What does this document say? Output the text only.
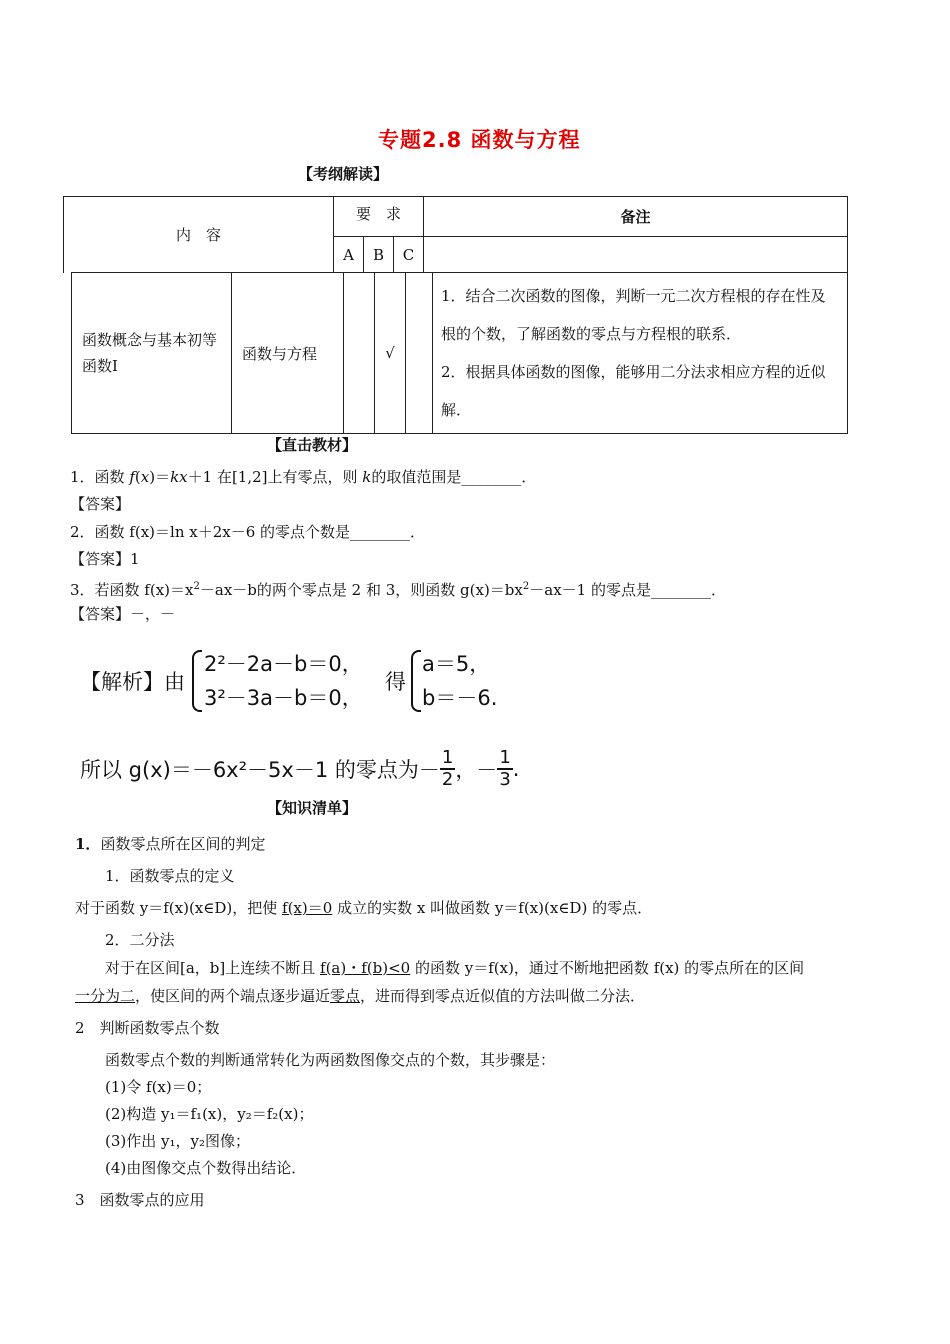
专题2.8 函数与方程
【考纲解读】
内　容	要　求			备注
	A	B	C	
函数概念与基本初等函数Ⅰ	函数与方程		√		1．结合二次函数的图像，判断一元二次方程根的存在性及根的个数，了解函数的零点与方程根的联系．
2．根据具体函数的图像，能够用二分法求相应方程的近似解．
【直击教材】
1．函数 f(x)＝kx＋1 在[1,2]上有零点，则 k的取值范围是________．
【答案】
2．函数 f(x)＝ln x＋2x－6 的零点个数是________．
【答案】1
3．若函数 $f(x)=x^2-ax-b$的两个零点是 2 和 3，则函数 $g(x)=bx^2-ax-1$ 的零点是________．
【答案】－，－
【解析】由
2²－2a－b＝0，
3²－3a－b＝0，
得
a＝5，
b＝－6.
所以 g(x)＝－6x²－5x－1 的零点为－ $\frac{1}{2}$ ，－ $\frac{1}{3}$ .
【知识清单】
1．函数零点所在区间的判定
1．函数零点的定义
对于函数 y＝f(x)(x∈D)，把使 f(x)＝0 成立的实数 x 叫做函数 y＝f(x)(x∈D) 的零点．
2．二分法
对于在区间[a，b]上连续不断且 f(a)・f(b)<0 的函数 y＝f(x)，通过不断地把函数 f(x) 的零点所在的区间
一分为二，使区间的两个端点逐步逼近零点，进而得到零点近似值的方法叫做二分法．
2　判断函数零点个数
函数零点个数的判断通常转化为两函数图像交点的个数，其步骤是：
(1)令 f(x)＝0；
(2)构造 y₁＝f₁(x)，y₂＝f₂(x)；
(3)作出 y₁，y₂图像；
(4)由图像交点个数得出结论．
3　函数零点的应用
